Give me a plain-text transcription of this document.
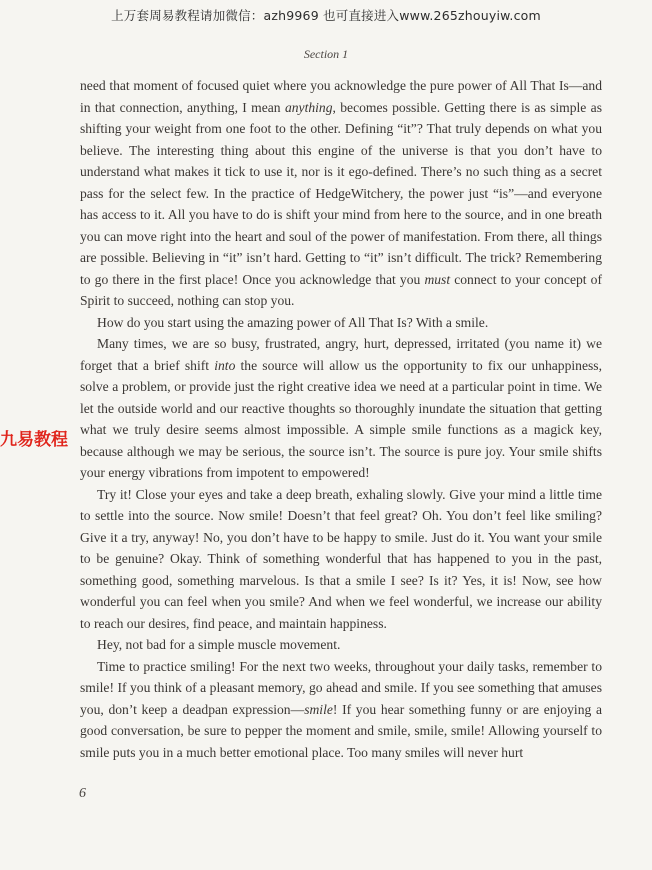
上万套周易教程请加微信：azh9969 也可直接进入www.265zhouyiw.com
Section 1
九易教程

need that moment of focused quiet where you acknowledge the pure power of All That Is—and in that connection, anything, I mean anything, becomes possible. Getting there is as simple as shifting your weight from one foot to the other. Defining “it”? That truly depends on what you believe. The interesting thing about this engine of the universe is that you don’t have to understand what makes it tick to use it, nor is it ego-defined. There’s no such thing as a secret pass for the select few. In the practice of HedgeWitchery, the power just “is”—and everyone has access to it. All you have to do is shift your mind from here to the source, and in one breath you can move right into the heart and soul of the power of manifestation. From there, all things are possible. Believing in “it” isn’t hard. Getting to “it” isn’t difficult. The trick? Remembering to go there in the first place! Once you acknowledge that you must connect to your concept of Spirit to succeed, nothing can stop you.

How do you start using the amazing power of All That Is? With a smile.

Many times, we are so busy, frustrated, angry, hurt, depressed, irritated (you name it) we forget that a brief shift into the source will allow us the opportunity to fix our unhappiness, solve a problem, or provide just the right creative idea we need at a particular point in time. We let the outside world and our reactive thoughts so thoroughly inundate the situation that getting what we truly desire seems almost impossible. A simple smile functions as a magick key, because although we may be serious, the source isn’t. The source is pure joy. Your smile shifts your energy vibrations from impotent to empowered!

Try it! Close your eyes and take a deep breath, exhaling slowly. Give your mind a little time to settle into the source. Now smile! Doesn’t that feel great? Oh. You don’t feel like smiling? Give it a try, anyway! No, you don’t have to be happy to smile. Just do it. You want your smile to be genuine? Okay. Think of something wonderful that has happened to you in the past, something good, something marvelous. Is that a smile I see? Is it? Yes, it is! Now, see how wonderful you can feel when you smile? And when we feel wonderful, we increase our ability to reach our desires, find peace, and maintain happiness.

Hey, not bad for a simple muscle movement.

Time to practice smiling! For the next two weeks, throughout your daily tasks, remember to smile! If you think of a pleasant memory, go ahead and smile. If you see something that amuses you, don’t keep a deadpan expression—smile! If you hear something funny or are enjoying a good conversation, be sure to pepper the moment and smile, smile, smile! Allowing yourself to smile puts you in a much better emotional place. Too many smiles will never hurt

6
